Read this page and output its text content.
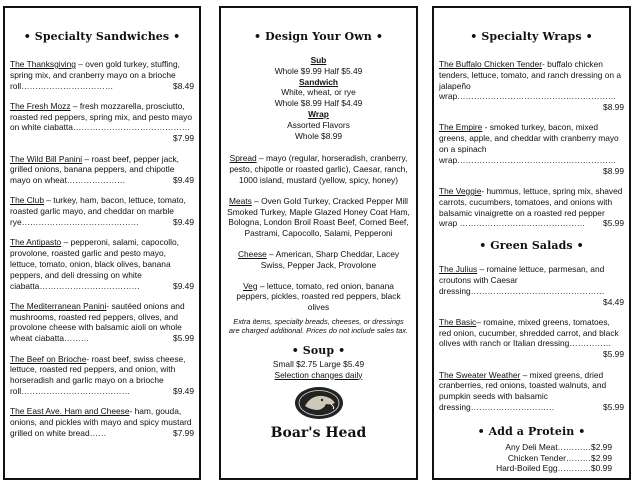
• Specialty Sandwiches •
The Thanksgiving – oven gold turkey, stuffing, spring mix, and cranberry mayo on a brioche roll……………………………	$8.49
The Fresh Mozz – fresh mozzarella, prosciutto, roasted red peppers, spring mix, and pesto mayo on white ciabatta……………………………………
$7.99
The Wild Bill Panini – roast beef, pepper jack, grilled onions, banana peppers, and chipotle mayo on wheat…………………	$9.49
The Club – turkey, ham, bacon, lettuce, tomato, roasted garlic mayo, and cheddar on marble rye……………………………………	$9.49
The Antipasto – pepperoni, salami, capocollo, provolone, roasted garlic and pesto mayo, lettuce, tomato, onion, black olives, banana peppers, and deli dressing on white ciabatta………………………………	$9.49
The Mediterranean Panini- sautéed onions and mushrooms, roasted red peppers, olives, and provolone cheese with balsamic aioli on whole wheat ciabatta………	$5.99
The Beef on Brioche- roast beef, swiss cheese, lettuce, roasted red peppers, and onion, with horseradish and garlic mayo on a brioche roll…………………………………	$9.49
The East Ave. Ham and Cheese- ham, gouda, onions, and pickles with mayo and spicy mustard grilled on white bread……	$7.99
• Design Your Own •
Sub
Whole $9.99 Half $5.49
Sandwich
White, wheat, or rye
Whole $8.99 Half $4.49
Wrap
Assorted Flavors
Whole $8.99
Spread – mayo (regular, horseradish, cranberry, pesto, chipotle or roasted garlic), Caesar, ranch, 1000 island, mustard (yellow, spicy, honey)
Meats – Oven Gold Turkey, Cracked Pepper Mill Smoked Turkey, Maple Glazed Honey Coat Ham, Bologna, London Broil Roast Beef, Corned Beef, Pastrami, Capocollo, Salami, Pepperoni
Cheese – American, Sharp Cheddar, Lacey Swiss, Pepper Jack, Provolone
Veg – lettuce, tomato, red onion, banana peppers, pickles, roasted red peppers, black olives
Extra items, specialty breads, cheeses, or dressings are charged additional. Prices do not include sales tax.
• Soup •
Small $2.75 Large $5.49
Selection changes daily
Boar's Head
• Specialty Wraps •
The Buffalo Chicken Tender- buffalo chicken tenders, lettuce, tomato, and ranch dressing on a jalapeño wrap…………………………………………………
$8.99
The Empire - smoked turkey, bacon, mixed greens, apple, and cheddar with cranberry mayo on a spinach wrap…………………………………………………
$8.99
The Veggie- hummus, lettuce, spring mix, shaved carrots, cucumbers, tomatoes, and onions with balsamic vinaigrette on a roasted red pepper wrap ……………………………………… $5.99
• Green Salads •
The Julius – romaine lettuce, parmesan, and croutons with Caesar dressing…………………………………………
$4.49
The Basic– romaine, mixed greens, tomatoes, red onion, cucumber, shredded carrot, and black olives with ranch or Italian dressing……………
$5.99
The Sweater Weather – mixed greens, dried cranberries, red onions, toasted walnuts, and pumpkin seeds with balsamic dressing…………………………	$5.99
• Add a Protein •
Any Deli Meat…………$2.99
Chicken Tender………$2.99
Hard-Boiled Egg…………$0.99
